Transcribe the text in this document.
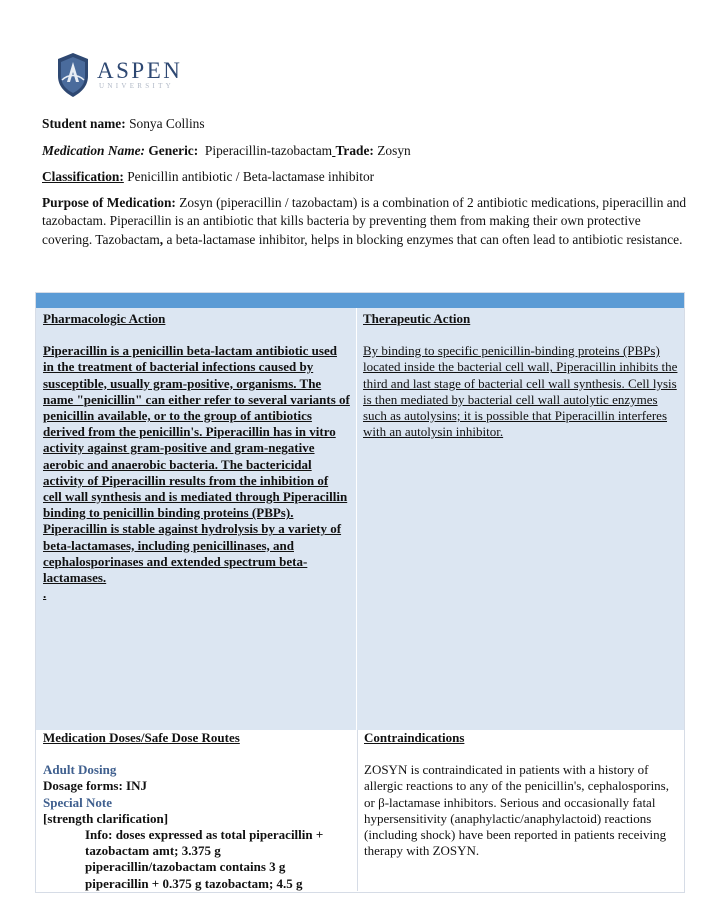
ASPEN
UNIVERSITY
Student name: Sonya Collins
Medication Name: Generic: Piperacillin-tazobactam Trade: Zosyn
Classification: Penicillin antibiotic / Beta-lactamase inhibitor
Purpose of Medication: Zosyn (piperacillin / tazobactam) is a combination of 2 antibiotic medications, piperacillin and tazobactam. Piperacillin is an antibiotic that kills bacteria by preventing them from making their own protective covering. Tazobactam, a beta-lactamase inhibitor, helps in blocking enzymes that can often lead to antibiotic resistance.
Pharmacologic Action
Piperacillin is a penicillin beta-lactam antibiotic used in the treatment of bacterial infections caused by susceptible, usually gram-positive, organisms. The name "penicillin" can either refer to several variants of penicillin available, or to the group of antibiotics derived from the penicillin's. Piperacillin has in vitro activity against gram-positive and gram-negative aerobic and anaerobic bacteria. The bactericidal activity of Piperacillin results from the inhibition of cell wall synthesis and is mediated through Piperacillin binding to penicillin binding proteins (PBPs). Piperacillin is stable against hydrolysis by a variety of beta-lactamases, including penicillinases, and cephalosporinases and extended spectrum beta-lactamases.
.
Therapeutic Action
By binding to specific penicillin-binding proteins (PBPs) located inside the bacterial cell wall, Piperacillin inhibits the third and last stage of bacterial cell wall synthesis. Cell lysis is then mediated by bacterial cell wall autolytic enzymes such as autolysins; it is possible that Piperacillin interferes with an autolysin inhibitor.
Medication Doses/Safe Dose Routes
Adult Dosing
Dosage forms: INJ
Special Note
[strength clarification]
Info: doses expressed as total piperacillin + tazobactam amt; 3.375 g piperacillin/tazobactam contains 3 g piperacillin + 0.375 g tazobactam; 4.5 g
Contraindications
ZOSYN is contraindicated in patients with a history of allergic reactions to any of the penicillin's, cephalosporins, or β-lactamase inhibitors. Serious and occasionally fatal hypersensitivity (anaphylactic/anaphylactoid) reactions (including shock) have been reported in patients receiving therapy with ZOSYN.
